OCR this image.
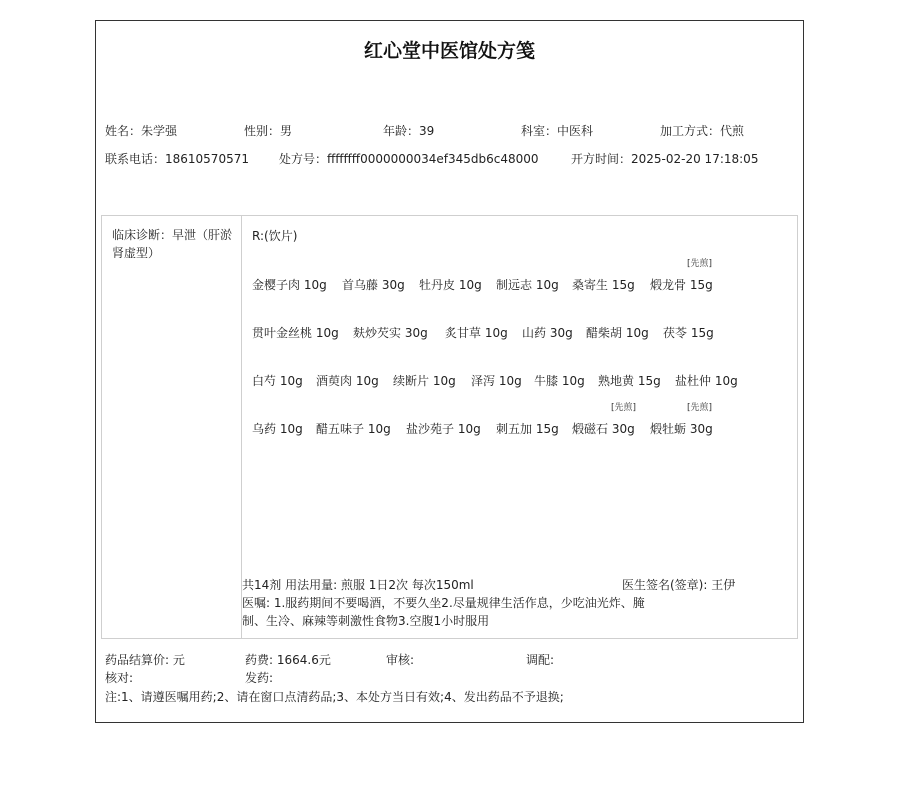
红心堂中医馆处方笺
姓名：朱学强	性别：男	年龄：39	科室：中医科	加工方式：代煎
联系电话：18610570571	处方号：ffffffff0000000034ef345db6c48000	开方时间：2025-02-20 17:18:05
临床诊断：早泄（肝淤肾虚型）
R:(饮片)
[先煎]
[先煎]	[先煎]
金樱子肉 10g 首乌藤 30g 牡丹皮 10g 制远志 10g 桑寄生 15g 煅龙骨 15g
贯叶金丝桃 10g 麸炒芡实 30g 炙甘草 10g 山药 30g 醋柴胡 10g 茯苓 15g
白芍 10g 酒萸肉 10g 续断片 10g 泽泻 10g 牛膝 10g 熟地黄 15g 盐杜仲 10g
乌药 10g 醋五味子 10g 盐沙苑子 10g 刺五加 15g 煅磁石 30g 煅牡蛎 30g
共14剂 用法用量: 煎服 1日2次 每次150ml	医生签名(签章): 王伊
医嘱: 1.服药期间不要喝酒，不要久坐2.尽量规律生活作息，少吃油光炸、腌制、生冷、麻辣等刺激性食物3.空腹1小时服用
药品结算价: 元	药费: 1664.6元	审核:	调配:
核对:	发药:
注:1、请遵医嘱用药;2、请在窗口点清药品;3、本处方当日有效;4、发出药品不予退换;
